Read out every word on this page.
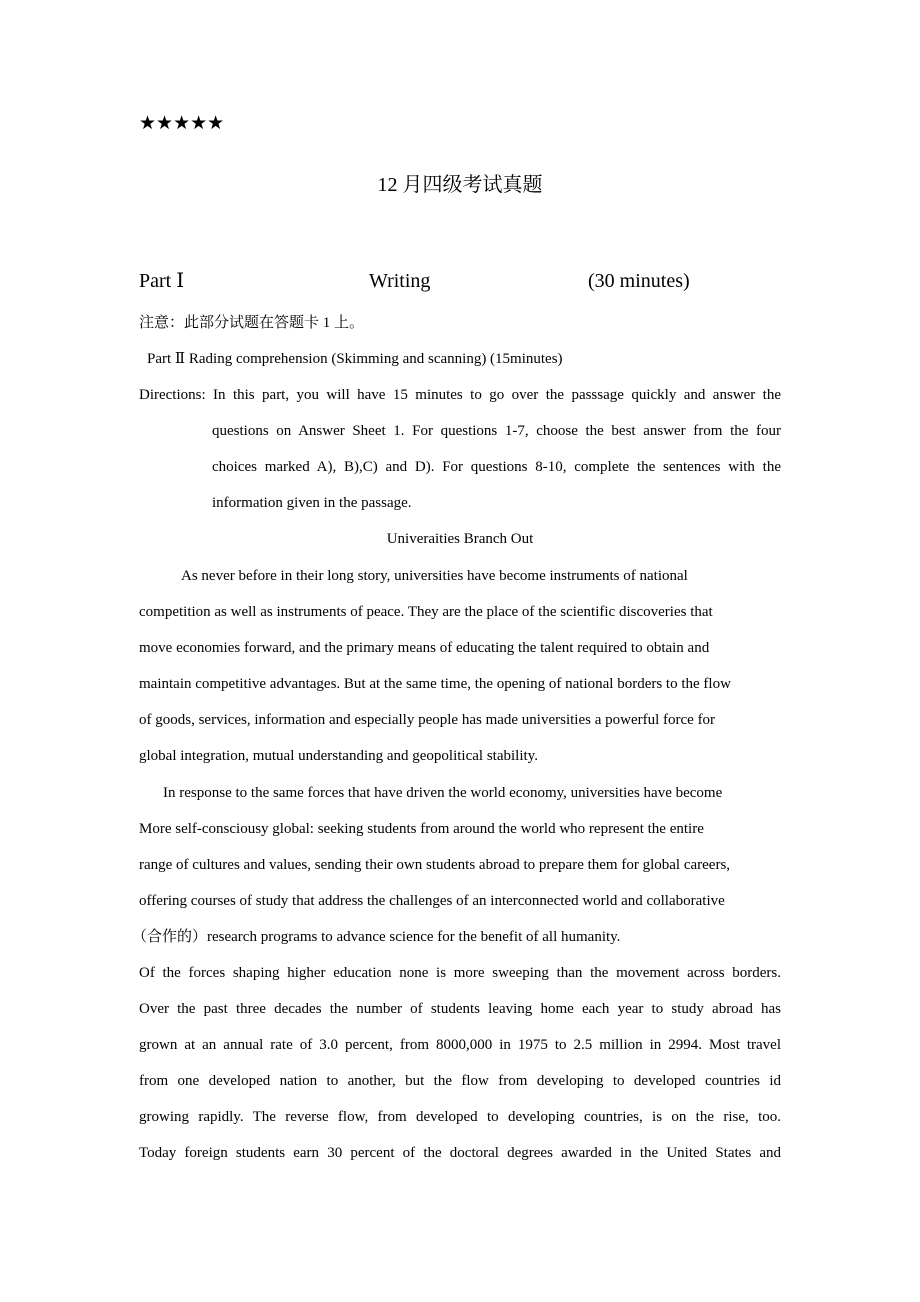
★★★★★
12 月四级考试真题
Part Ⅰ	Writing	(30 minutes)
注意：此部分试题在答题卡 1 上。
Part Ⅱ Rading comprehension (Skimming and scanning) (15minutes)
Directions: In this part, you will have 15 minutes to go over the passsage quickly and answer the
questions on Answer Sheet 1. For questions 1-7, choose the best answer from the four
choices marked A), B),C) and D). For questions 8-10, complete the sentences with the
information given in the passage.
Univeraities Branch Out
As never before in their long story, universities have become instruments of national
competition as well as instruments of peace. They are the place of the scientific discoveries that
move economies forward, and the primary means of educating the talent required to obtain and
maintain competitive advantages. But at the same time, the opening of national borders to the flow
of goods, services, information and especially people has made universities a powerful force for
global integration, mutual understanding and geopolitical stability.
In response to the same forces that have driven the world economy, universities have become
More self-consciousy global: seeking students from around the world who represent the entire
range of cultures and values, sending their own students abroad to prepare them for global careers,
offering courses of study that address the challenges of an interconnected world and collaborative
（合作的）research programs to advance science for the benefit of all humanity.
Of the forces shaping higher education none is more sweeping than the movement across borders.
Over the past three decades the number of students leaving home each year to study abroad has
grown at an annual rate of 3.0 percent, from 8000,000 in 1975 to 2.5 million in 2994. Most travel
from one developed nation to another, but the flow from developing to developed countries id
growing rapidly. The reverse flow, from developed to developing countries, is on the rise, too.
Today foreign students earn 30 percent of the doctoral degrees awarded in the United States and
